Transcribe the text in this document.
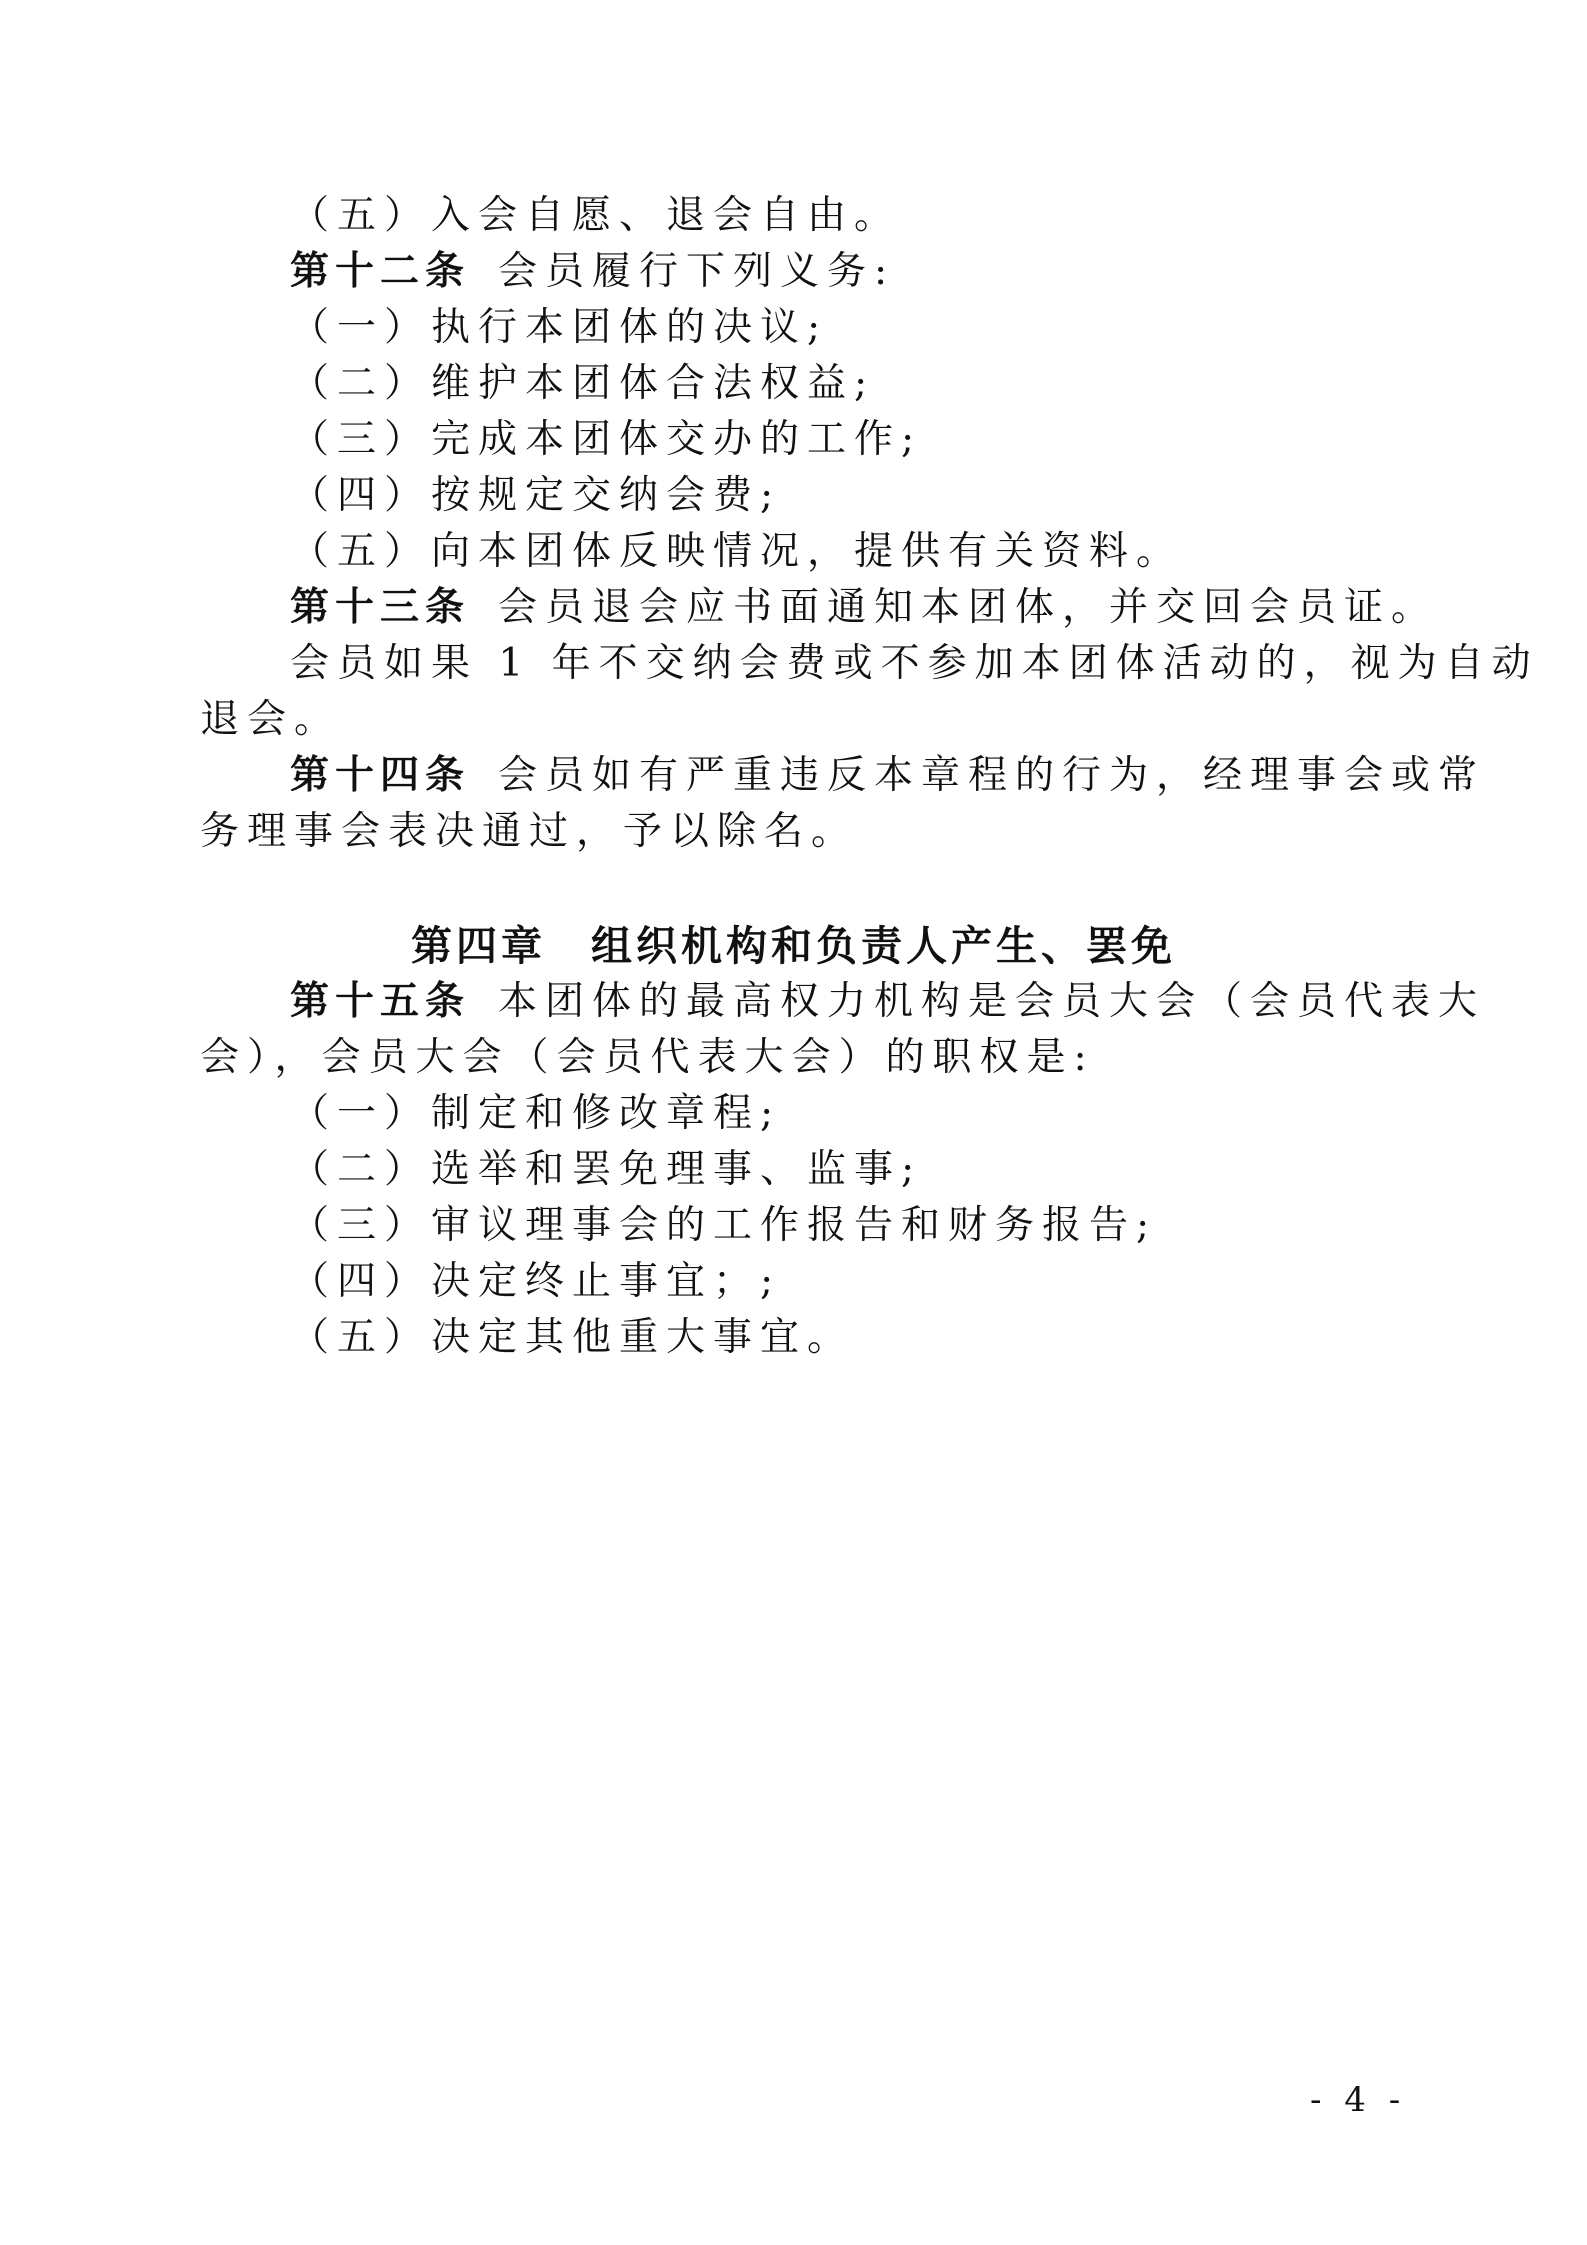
（五）入会自愿、退会自由。
第十二条 会员履行下列义务:
（一）执行本团体的决议;
（二）维护本团体合法权益;
（三）完成本团体交办的工作;
（四）按规定交纳会费;
（五）向本团体反映情况，提供有关资料。
第十三条 会员退会应书面通知本团体，并交回会员证。
会员如果 1 年不交纳会费或不参加本团体活动的，视为自动
退会。
第十四条 会员如有严重违反本章程的行为，经理事会或常
务理事会表决通过，予以除名。
第四章　组织机构和负责人产生、罢免
第十五条 本团体的最高权力机构是会员大会（会员代表大
会），会员大会（会员代表大会）的职权是:
（一）制定和修改章程;
（二）选举和罢免理事、监事;
（三）审议理事会的工作报告和财务报告;
（四）决定终止事宜；;
（五）决定其他重大事宜。
- 4 -
